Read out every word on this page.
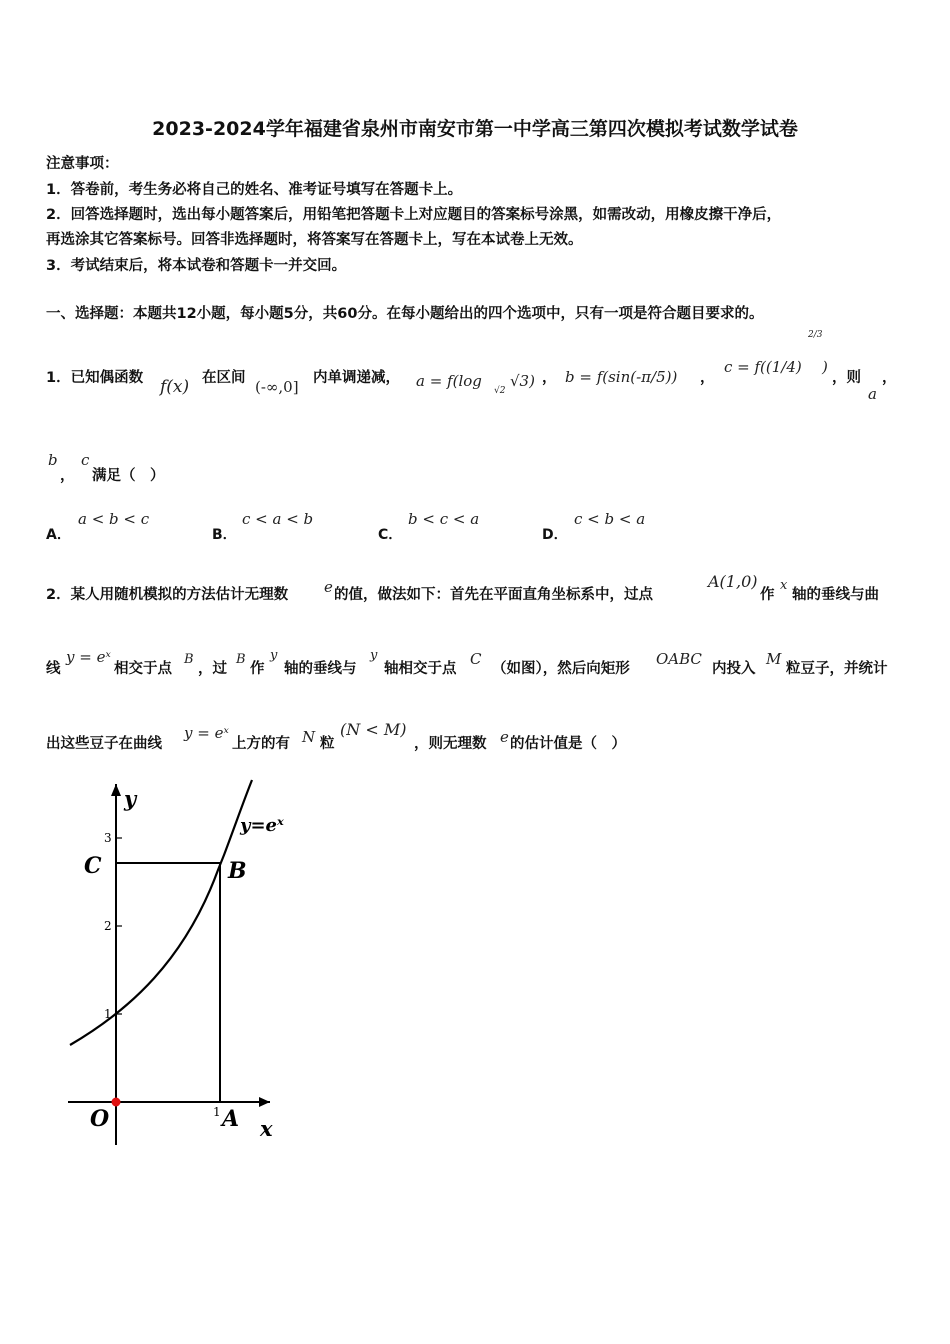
2023-2024学年福建省泉州市南安市第一中学高三第四次模拟考试数学试卷
注意事项：
1．答卷前，考生务必将自己的姓名、准考证号填写在答题卡上。
2．回答选择题时，选出每小题答案后，用铅笔把答题卡上对应题目的答案标号涂黑，如需改动，用橡皮擦干净后，
再选涂其它答案标号。回答非选择题时，将答案写在答题卡上，写在本试卷上无效。
3．考试结束后，将本试卷和答题卡一并交回。
一、选择题：本题共12小题，每小题5分，共60分。在每小题给出的四个选项中，只有一项是符合题目要求的。
1．已知偶函数 f(x) 在区间 (-∞,0] 内单调递减， a = f(log
√2
√3) ， b = f(sin(-π/5)) ，
c = f((1/4)
2/3
)
，则
a
，
b
，
c
满足（　）
A．
a < b < c
B．
c < a < b
C．
b < c < a
D．
c < b < a
2．某人用随机模拟的方法估计无理数 e 的值，做法如下：首先在平面直角坐标系中，过点
A(1,0)
作
x
轴的垂线与曲
线
y = eˣ
相交于点
B
，过
B
作
y
轴的垂线与
y
轴相交于点
C
（如图），然后向矩形
OABC
内投入
M
粒豆子，并统计
出这些豆子在曲线
y = eˣ
上方的有 N 粒
(N < M)
，则无理数 e 的估计值是（　）
y
x
y=eˣ
C	B
O	A
1
2
3
1
